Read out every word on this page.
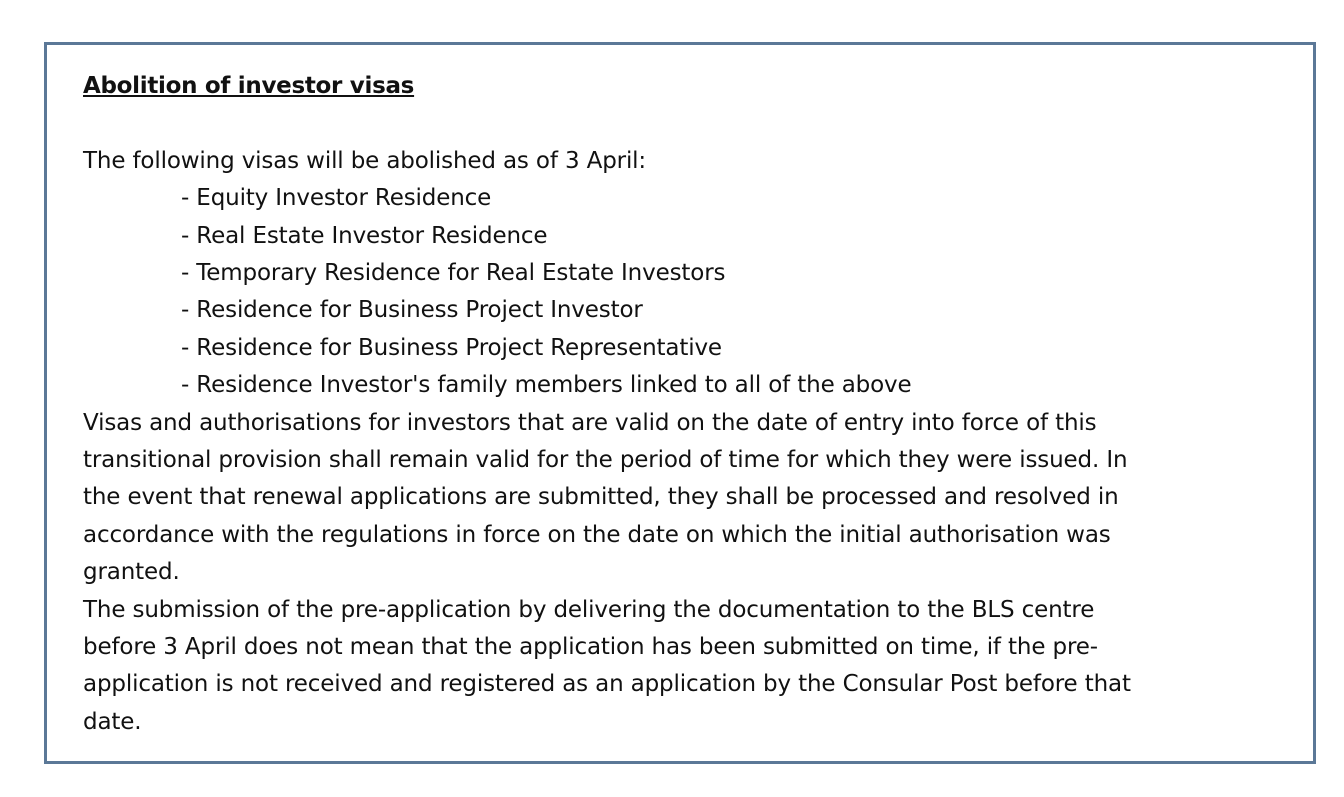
Abolition of investor visas

The following visas will be abolished as of 3 April:

- Equity Investor Residence
- Real Estate Investor Residence
- Temporary Residence for Real Estate Investors
- Residence for Business Project Investor
- Residence for Business Project Representative
- Residence Investor's family members linked to all of the above

Visas and authorisations for investors that are valid on the date of entry into force of this

transitional provision shall remain valid for the period of time for which they were issued. In

the event that renewal applications are submitted, they shall be processed and resolved in

accordance with the regulations in force on the date on which the initial authorisation was

granted.

The submission of the pre-application by delivering the documentation to the BLS centre

before 3 April does not mean that the application has been submitted on time, if the pre-

application is not received and registered as an application by the Consular Post before that

date.
